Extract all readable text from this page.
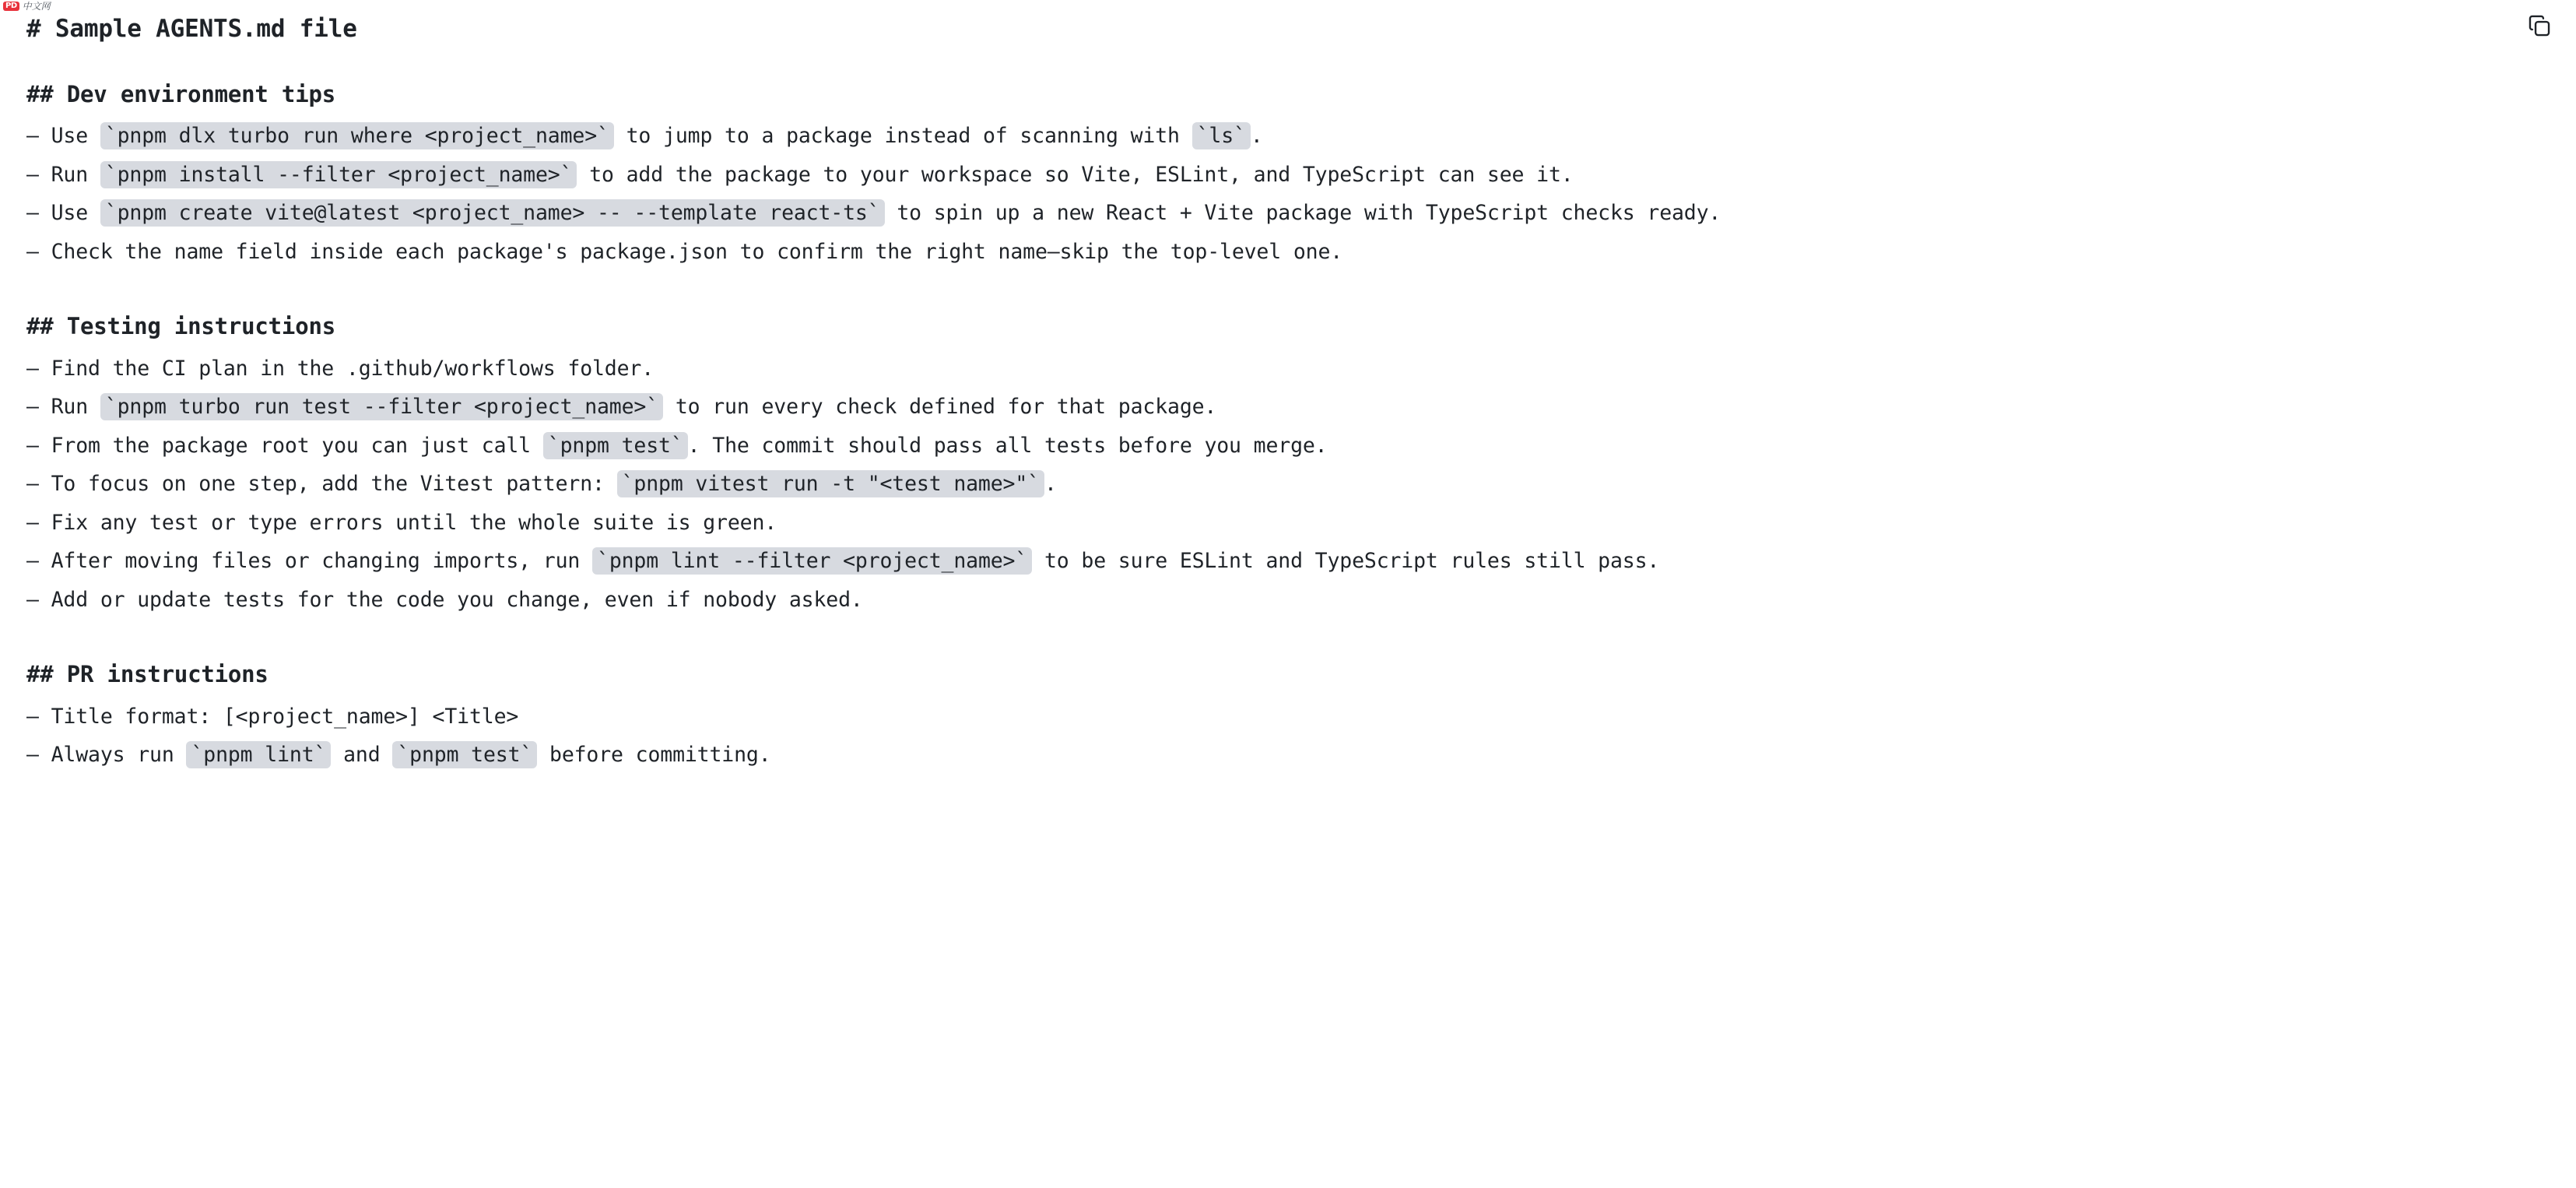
PD 中文网
# Sample AGENTS.md file
## Dev environment tips
– Use `pnpm dlx turbo run where <project_name>` to jump to a package instead of scanning with `ls` .
– Run `pnpm install --filter <project_name>` to add the package to your workspace so Vite, ESLint, and TypeScript can see it.
– Use `pnpm create vite@latest <project_name> -- --template react-ts` to spin up a new React + Vite package with TypeScript checks ready.
– Check the name field inside each package's package.json to confirm the right name—skip the top-level one.
## Testing instructions
– Find the CI plan in the .github/workflows folder.
– Run `pnpm turbo run test --filter <project_name>` to run every check defined for that package.
– From the package root you can just call `pnpm test` . The commit should pass all tests before you merge.
– To focus on one step, add the Vitest pattern: `pnpm vitest run -t "<test name>"` .
– Fix any test or type errors until the whole suite is green.
– After moving files or changing imports, run `pnpm lint --filter <project_name>` to be sure ESLint and TypeScript rules still pass.
– Add or update tests for the code you change, even if nobody asked.
## PR instructions
– Title format: [<project_name>] <Title>
– Always run `pnpm lint` and `pnpm test` before committing.
